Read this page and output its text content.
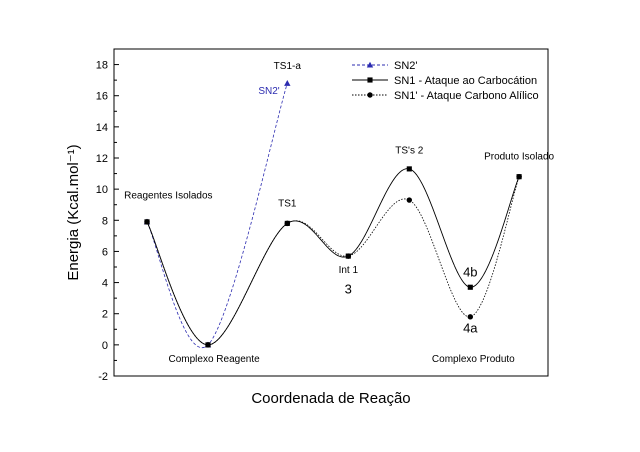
-2
0
2
4
6
8
10
12
14
16
18
Reagentes Isolados
Complexo Reagente
TS1-a
SN2'
TS1
Int 1
3
TS's 2
4b
4a
Complexo Produto
Produto Isolado
SN2'
SN1 - Ataque ao Carbocátion
SN1' - Ataque Carbono Alílico
Coordenada de Reação
Energia (Kcal.mol⁻¹)
